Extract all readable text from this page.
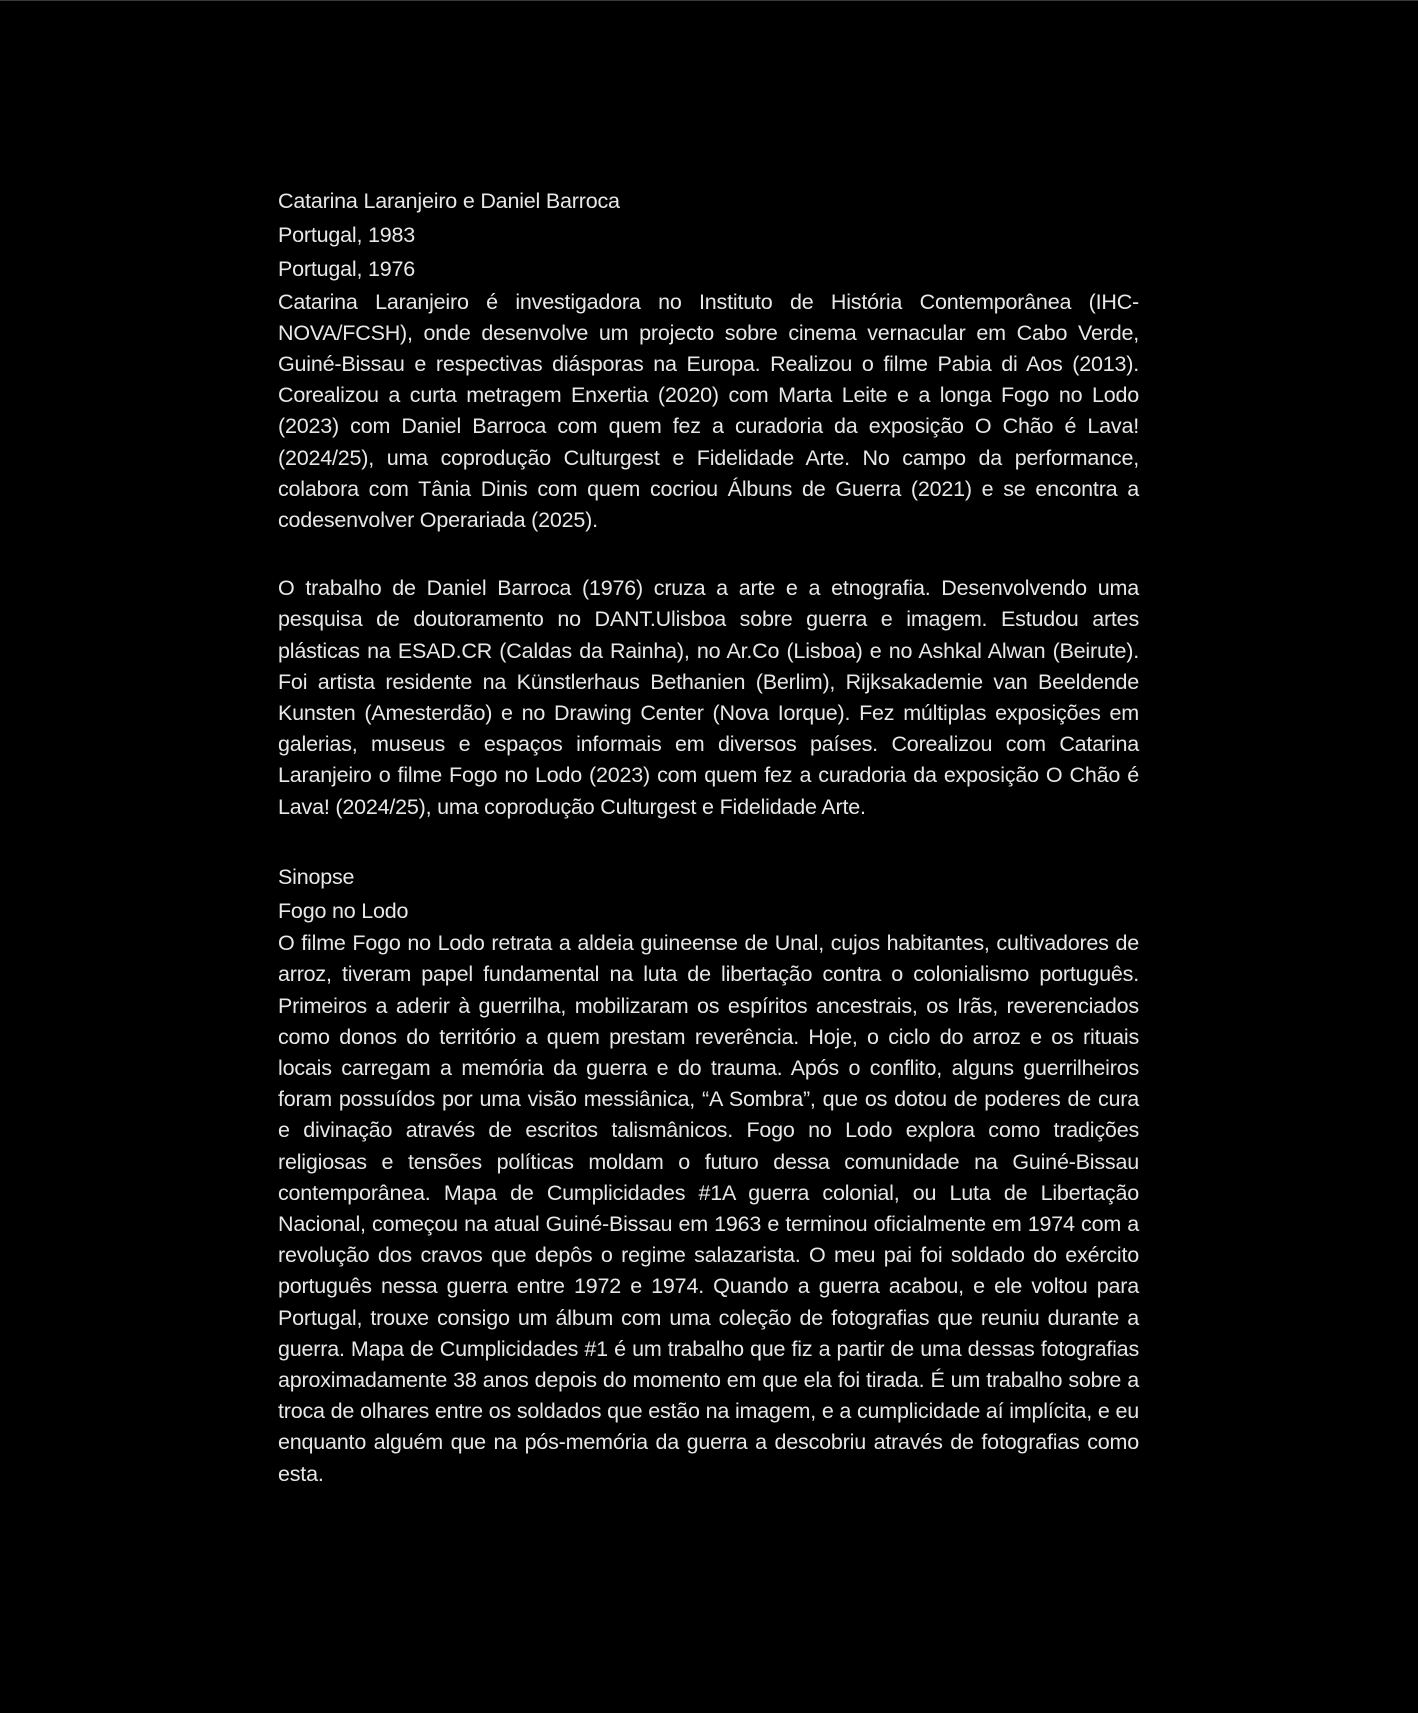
Catarina Laranjeiro e Daniel Barroca

Portugal, 1983

Portugal, 1976

Catarina Laranjeiro é investigadora no Instituto de História Contemporânea (IHC-NOVA/FCSH), onde desenvolve um projecto sobre cinema vernacular em Cabo Verde, Guiné-Bissau e respectivas diásporas na Europa. Realizou o filme Pabia di Aos (2013). Corealizou a curta metragem Enxertia (2020) com Marta Leite e a longa Fogo no Lodo (2023) com Daniel Barroca com quem fez a curadoria da exposição O Chão é Lava! (2024/25), uma coprodução Culturgest e Fidelidade Arte. No campo da performance, colabora com Tânia Dinis com quem cocriou Álbuns de Guerra (2021) e se encontra a codesenvolver Operariada (2025).

O trabalho de Daniel Barroca (1976) cruza a arte e a etnografia. Desenvolvendo uma pesquisa de doutoramento no DANT.Ulisboa sobre guerra e imagem. Estudou artes plásticas na ESAD.CR (Caldas da Rainha), no Ar.Co (Lisboa) e no Ashkal Alwan (Beirute). Foi artista residente na Künstlerhaus Bethanien (Berlim), Rijksakademie van Beeldende Kunsten (Amesterdão) e no Drawing Center (Nova Iorque). Fez múltiplas exposições em galerias, museus e espaços informais em diversos países. Corealizou com Catarina Laranjeiro o filme Fogo no Lodo (2023) com quem fez a curadoria da exposição O Chão é Lava! (2024/25), uma coprodução Culturgest e Fidelidade Arte.

Sinopse

Fogo no Lodo

O filme Fogo no Lodo retrata a aldeia guineense de Unal, cujos habitantes, cultivadores de arroz, tiveram papel fundamental na luta de libertação contra o colonialismo português. Primeiros a aderir à guerrilha, mobilizaram os espíritos ancestrais, os Irãs, reverenciados como donos do território a quem prestam reverência. Hoje, o ciclo do arroz e os rituais locais carregam a memória da guerra e do trauma. Após o conflito, alguns guerrilheiros foram possuídos por uma visão messiânica, “A Sombra”, que os dotou de poderes de cura e divinação através de escritos talismânicos. Fogo no Lodo explora como tradições religiosas e tensões políticas moldam o futuro dessa comunidade na Guiné-Bissau contemporânea. Mapa de Cumplicidades #1A guerra colonial, ou Luta de Libertação Nacional, começou na atual Guiné-Bissau em 1963 e terminou oficialmente em 1974 com a revolução dos cravos que depôs o regime salazarista. O meu pai foi soldado do exército português nessa guerra entre 1972 e 1974. Quando a guerra acabou, e ele voltou para Portugal, trouxe consigo um álbum com uma coleção de fotografias que reuniu durante a guerra. Mapa de Cumplicidades #1 é um trabalho que fiz a partir de uma dessas fotografias aproximadamente 38 anos depois do momento em que ela foi tirada. É um trabalho sobre a troca de olhares entre os soldados que estão na imagem, e a cumplicidade aí implícita, e eu enquanto alguém que na pós-memória da guerra a descobriu através de fotografias como esta.
